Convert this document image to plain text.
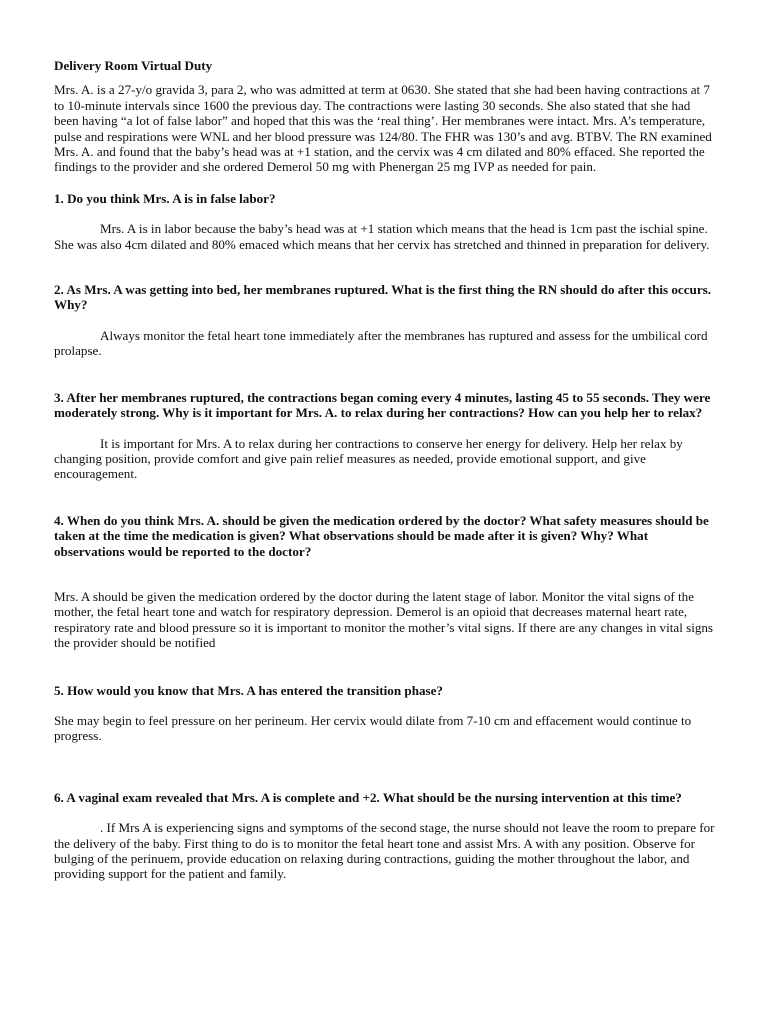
Delivery Room Virtual Duty

Mrs. A. is a 27-y/o gravida 3, para 2, who was admitted at term at 0630. She stated that she had been having contractions at 7 to 10-minute intervals since 1600 the previous day. The contractions were lasting 30 seconds. She also stated that she had been having “a lot of false labor” and hoped that this was the ‘real thing’. Her membranes were intact. Mrs. A’s temperature, pulse and respirations were WNL and her blood pressure was 124/80. The FHR was 130’s and avg. BTBV. The RN examined Mrs. A. and found that the baby’s head was at +1 station, and the cervix was 4 cm dilated and 80% effaced. She reported the findings to the provider and she ordered Demerol 50 mg with Phenergan 25 mg IVP as needed for pain.

1. Do you think Mrs. A is in false labor?

Mrs. A is in labor because the baby’s head was at +1 station which means that the head is 1cm past the ischial spine. She was also 4cm dilated and 80% emaced which means that her cervix has stretched and thinned in preparation for delivery.

2. As Mrs. A was getting into bed, her membranes ruptured. What is the first thing the RN should do after this occurs. Why?

Always monitor the fetal heart tone immediately after the membranes has ruptured and assess for the umbilical cord prolapse.

3. After her membranes ruptured, the contractions began coming every 4 minutes, lasting 45 to 55 seconds. They were moderately strong. Why is it important for Mrs. A. to relax during her contractions? How can you help her to relax?

It is important for Mrs. A to relax during her contractions to conserve her energy for delivery. Help her relax by changing position, provide comfort and give pain relief measures as needed, provide emotional support, and give encouragement.

4. When do you think Mrs. A. should be given the medication ordered by the doctor? What safety measures should be taken at the time the medication is given? What observations should be made after it is given? Why? What observations would be reported to the doctor?

Mrs. A should be given the medication ordered by the doctor during the latent stage of labor. Monitor the vital signs of the mother, the fetal heart tone and watch for respiratory depression. Demerol is an opioid that decreases maternal heart rate, respiratory rate and blood pressure so it is important to monitor the mother’s vital signs. If there are any changes in vital signs the provider should be notified

5. How would you know that Mrs. A has entered the transition phase?

She may begin to feel pressure on her perineum. Her cervix would dilate from 7-10 cm and effacement would continue to progress.

6. A vaginal exam revealed that Mrs. A is complete and +2. What should be the nursing intervention at this time?

. If Mrs A is experiencing signs and symptoms of the second stage, the nurse should not leave the room to prepare for the delivery of the baby. First thing to do is to monitor the fetal heart tone and assist Mrs. A with any position. Observe for bulging of the perinuem, provide education on relaxing during contractions, guiding the mother throughout the labor, and providing support for the patient and family.
